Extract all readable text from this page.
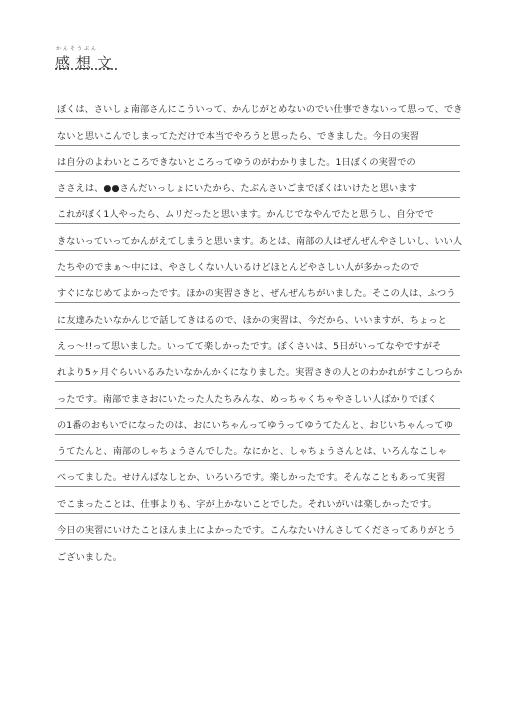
かんそうぶん
感想文
ぼくは、さいしょ南部さんにこういって、かんじがとめないのでい仕事できないって思って、でき
ないと思いこんでしまってただけで本当でやろうと思ったら、できました。今日の実習
は自分のよわいところできないところってゆうのがわかりました。1日ぼくの実習での
ささえは、●●さんだいっしょにいたから、たぶんさいごまでぼくはいけたと思います
これがぼく1人やったら、ムリだったと思います。かんじでなやんでたと思うし、自分でで
きないっていってかんがえてしまうと思います。あとは、南部の人はぜんぜんやさしいし、いい人
たちやのでまぁ～中には、やさしくない人いるけどほとんどやさしい人が多かったので
すぐになじめてよかったです。ほかの実習さきと、ぜんぜんちがいました。そこの人は、ふつう
に友達みたいなかんじで話してきはるので、ほかの実習は、今だから、いいますが、ちょっと
えっ～!!って思いました。いってて楽しかったです。ぼくさいは、5日がいってなやですがそ
れより5ヶ月ぐらいいるみたいなかんかくになりました。実習さきの人とのわかれがすこしつらか
ったです。南部でまさおにいたった人たちみんな、めっちゃくちゃやさしい人ばかりでぼく
の1番のおもいでになったのは、おにいちゃんってゆうってゆうてたんと、おじいちゃんってゆ
うてたんと、南部のしゃちょうさんでした。なにかと、しゃちょうさんとは、いろんなこしゃ
べってました。せけんばなしとか、いろいろです。楽しかったです。そんなこともあって実習
でこまったことは、仕事よりも、字が上かないことでした。それいがいは楽しかったです。
今日の実習にいけたことほんま上によかったです。こんなたいけんさしてくださってありがとう
ございました。
